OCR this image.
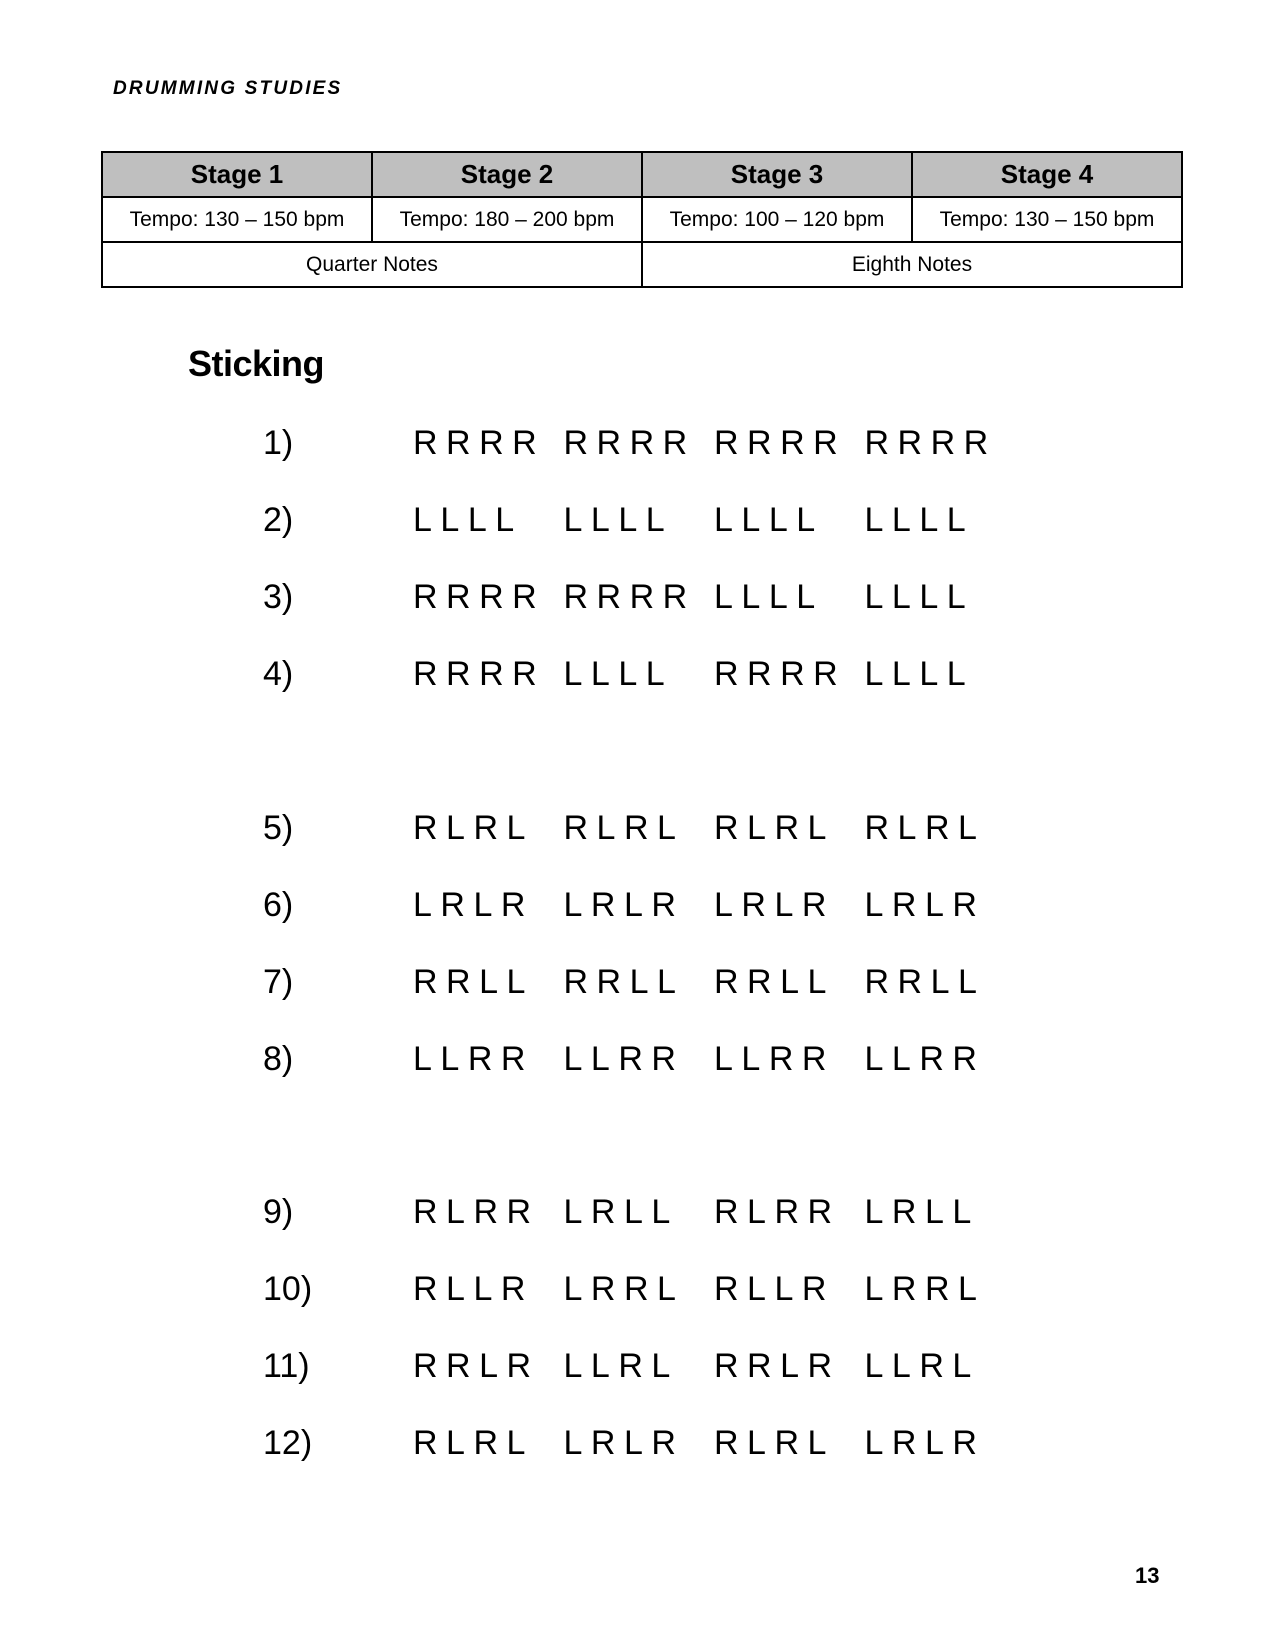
DRUMMING STUDIES
Stage 1	Stage 2	Stage 3	Stage 4
Tempo: 130 – 150 bpm	Tempo: 180 – 200 bpm	Tempo: 100 – 120 bpm	Tempo: 130 – 150 bpm
Quarter Notes		Eighth Notes	
Sticking
1)	RRRR RRRR RRRR RRRR
2)	LLLL LLLL LLLL LLLL
3)	RRRR RRRR LLLL LLLL
4)	RRRR LLLL RRRR LLLL
5)	RLRL RLRL RLRL RLRL
6)	LRLR LRLR LRLR LRLR
7)	RRLL RRLL RRLL RRLL
8)	LLRR LLRR LLRR LLRR
9)	RLRR LRLL RLRR LRLL
10)	RLLR LRRL RLLR LRRL
11)	RRLR LLRL RRLR LLRL
12)	RLRL LRLR RLRL LRLR
13
